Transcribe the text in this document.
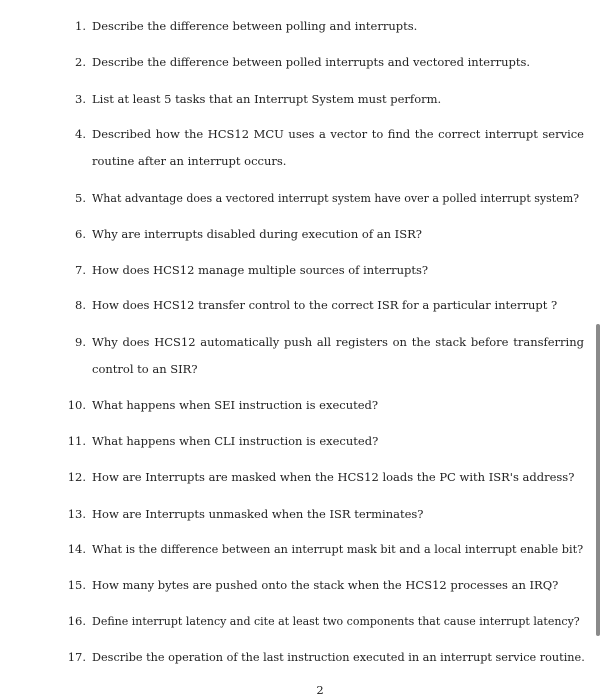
1. Describe the difference between polling and interrupts.
2. Describe the difference between polled interrupts and vectored interrupts.
3. List at least 5 tasks that an Interrupt System must perform.
4. Described how the HCS12 MCU uses a vector to find the correct interrupt service routine after an interrupt occurs.
5. What advantage does a vectored interrupt system have over a polled interrupt system?
6. Why are interrupts disabled during execution of an ISR?
7. How does HCS12 manage multiple sources of interrupts?
8. How does HCS12 transfer control to the correct ISR for a particular interrupt ?
9. Why does HCS12 automatically push all registers on the stack before transferring control to an SIR?
10. What happens when SEI instruction is executed?
11. What happens when CLI instruction is executed?
12. How are Interrupts are masked when the HCS12 loads the PC with ISR's address?
13. How are Interrupts unmasked when the ISR terminates?
14. What is the difference between an interrupt mask bit and a local interrupt enable bit?
15. How many bytes are pushed onto the stack when the HCS12 processes an IRQ?
16. Define interrupt latency and cite at least two components that cause interrupt latency?
17. Describe the operation of the last instruction executed in an interrupt service routine.
2
